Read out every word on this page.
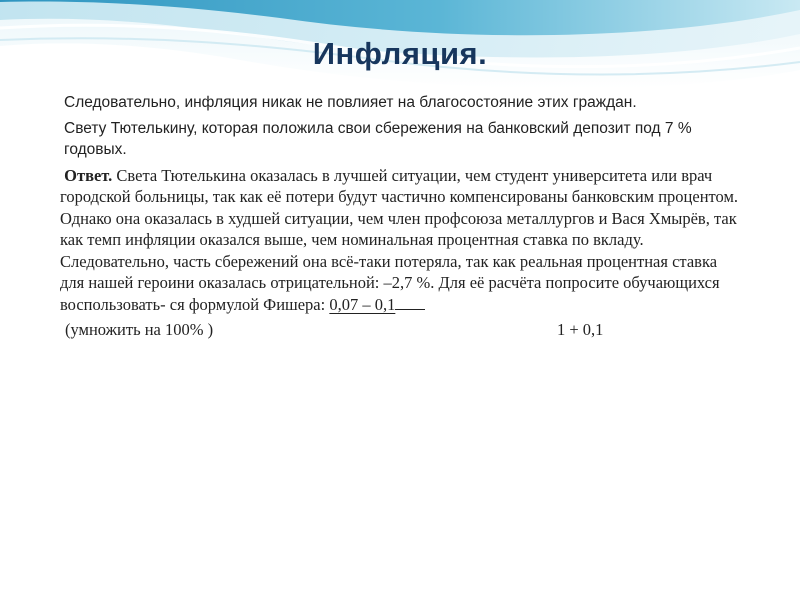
Инфляция.

Следовательно, инфляция никак не повлияет на благосостояние этих граждан.

Свету Тютелькину, которая положила свои сбережения на банковский депозит под 7 % годовых.

Ответ. Света Тютелькина оказалась в лучшей ситуации, чем студент университета или врач городской больницы, так как её потери будут частично компенсированы банковским процентом. Однако она оказалась в худшей ситуации, чем член профсоюза металлургов и Вася Хмырёв, так как темп инфляции оказался выше, чем номинальная процентная ставка по вкладу. Следовательно, часть сбережений она всё-таки потеряла, так как реальная процентная ставка для нашей героини оказалась отрицательной: –2,7 %. Для её расчёта попросите обучающихся воспользовать- ся формулой Фишера: 0,07 – 0,1

(умножить на 100% )	1 + 0,1
